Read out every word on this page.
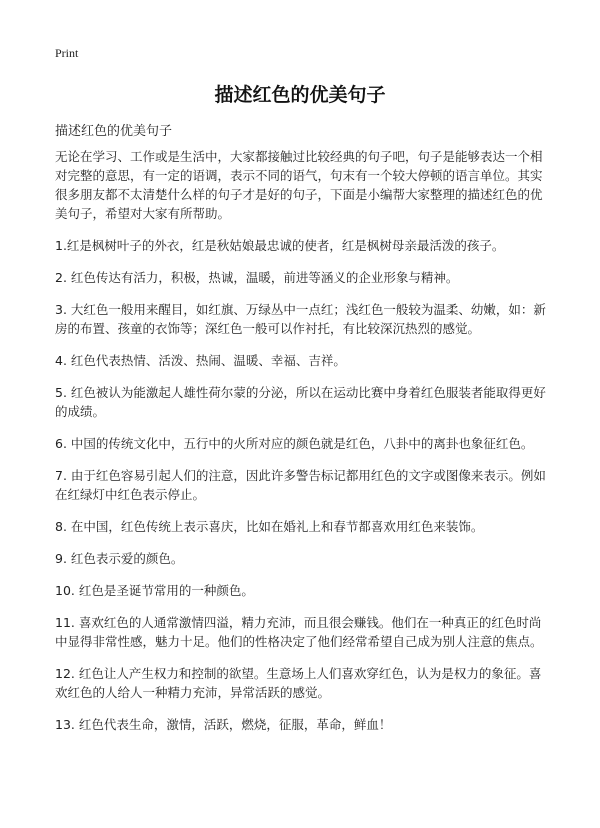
Print
描述红色的优美句子

描述红色的优美句子

无论在学习、工作或是生活中，大家都接触过比较经典的句子吧，句子是能够表达一个相对完整的意思，有一定的语调，表示不同的语气，句末有一个较大停顿的语言单位。其实很多朋友都不太清楚什么样的句子才是好的句子，下面是小编帮大家整理的描述红色的优美句子，希望对大家有所帮助。

1.红是枫树叶子的外衣，红是秋姑娘最忠诚的使者，红是枫树母亲最活泼的孩子。

2. 红色传达有活力，积极，热诚，温暖，前进等涵义的企业形象与精神。

3. 大红色一般用来醒目，如红旗、万绿丛中一点红；浅红色一般较为温柔、幼嫩，如：新房的布置、孩童的衣饰等；深红色一般可以作衬托，有比较深沉热烈的感觉。

4. 红色代表热情、活泼、热闹、温暖、幸福、吉祥。

5. 红色被认为能激起人雄性荷尔蒙的分泌，所以在运动比赛中身着红色服装者能取得更好的成绩。

6. 中国的传统文化中，五行中的火所对应的颜色就是红色，八卦中的离卦也象征红色。

7. 由于红色容易引起人们的注意，因此许多警告标记都用红色的文字或图像来表示。例如在红绿灯中红色表示停止。

8. 在中国，红色传统上表示喜庆，比如在婚礼上和春节都喜欢用红色来装饰。

9. 红色表示爱的颜色。

10. 红色是圣诞节常用的一种颜色。

11. 喜欢红色的人通常激情四溢，精力充沛，而且很会赚钱。他们在一种真正的红色时尚中显得非常性感，魅力十足。他们的性格决定了他们经常希望自己成为别人注意的焦点。

12. 红色让人产生权力和控制的欲望。生意场上人们喜欢穿红色，认为是权力的象征。喜欢红色的人给人一种精力充沛，异常活跃的感觉。

13. 红色代表生命，激情，活跃，燃烧，征服，革命，鲜血！
